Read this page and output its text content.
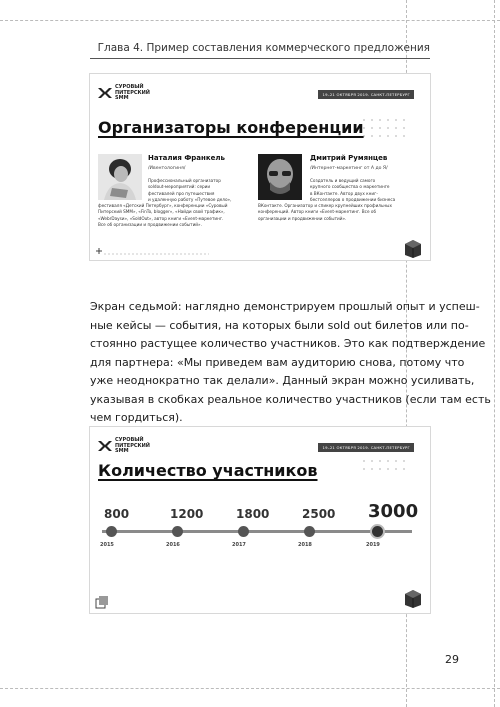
Глава 4. Пример составления коммерческого предложения
СУРОВЫЙ
ПИТЕРСКИЙ SMM
19–21 ОКТЯБРЯ 2019. САНКТ-ПЕТЕРБУРГ
Наталия Франкель
/Ивентологиня/
Профессиональный организатор
soldout-мероприятий: серии
фестивалей про путешествия
и удаленную работу «Путевое дело»,
фестиваля «Детский Петербург», конференции «Суровый
Питерский SMM», «FinTo, blogger», «Найди свой трафик»,
«WebrDaysи», «SoldOut», автор книги «Event-маркетинг.
Все об организации и продвижении событий».
Дмитрий Румянцев
/Интернет-маркетинг от А до Я/
Создатель и ведущий самого
крупного сообщества о маркетинге
в ВКонтакте. Автор двух книг-
бестселлеров о продвижении бизнеса
ВКонтакте. Организатор и спикер крупнейших профильных
конференций. Автор книги «Event-маркетинг. Все об
организации и продвижении событий».
Экран седьмой: наглядно демонстрируем прошлый опыт и успеш-
ные кейсы — события, на которых были sold out билетов или по-
стоянно растущее количество участников. Это как подтверждение
для партнера: «Мы приведем вам аудиторию снова, потому что
уже неоднократно так делали». Данный экран можно усиливать,
указывая в скобках реальное количество участников (если там есть
чем гордиться).
СУРОВЫЙ
ПИТЕРСКИЙ SMM
19–21 ОКТЯБРЯ 2019. САНКТ-ПЕТЕРБУРГ
Количество участников
800
2015
1200
2016
1800
2017
2500
2018
3000
2019
Организаторы конференции
29
